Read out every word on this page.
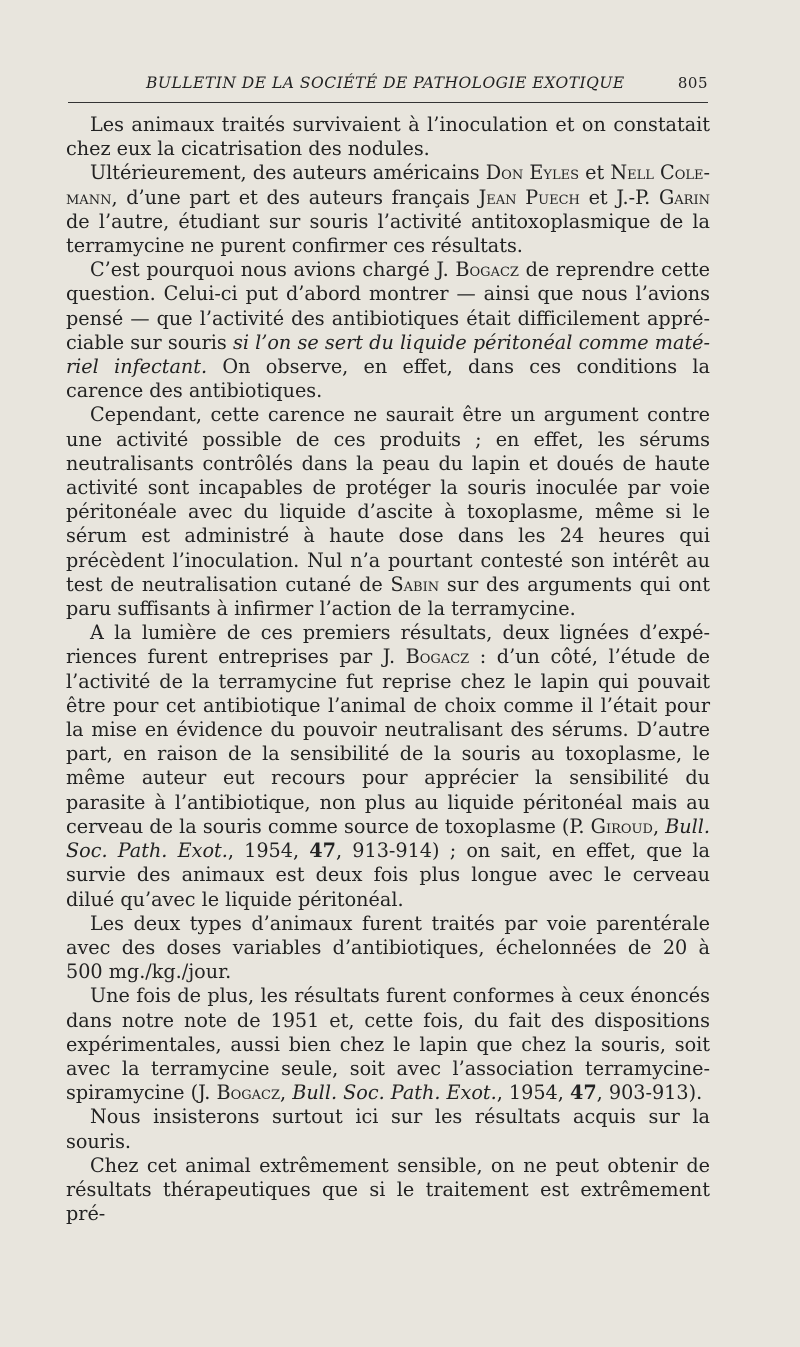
BULLETIN DE LA SOCIÉTÉ DE PATHOLOGIE EXOTIQUE	805

Les animaux traités survivaient à l’inoculation et on constatait chez eux la cicatrisation des nodules.

Ultérieurement, des auteurs américains Don Eyles et Nell Colemann, d’une part et des auteurs français Jean Puech et J.-P. Garin de l’autre, étudiant sur souris l’activité antitoxoplasmique de la terramycine ne purent confirmer ces résultats.

C’est pourquoi nous avions chargé J. Bogacz de reprendre cette question. Celui-ci put d’abord montrer — ainsi que nous l’avions pensé — que l’activité des antibiotiques était difficilement appréciable sur souris si l’on se sert du liquide péritonéal comme matériel infectant. On observe, en effet, dans ces conditions la carence des antibiotiques.

Cependant, cette carence ne saurait être un argument contre une activité possible de ces produits ; en effet, les sérums neutralisants contrôlés dans la peau du lapin et doués de haute activité sont incapables de protéger la souris inoculée par voie péritonéale avec du liquide d’ascite à toxoplasme, même si le sérum est administré à haute dose dans les 24 heures qui précèdent l’inoculation. Nul n’a pourtant contesté son intérêt au test de neutralisation cutané de Sabin sur des arguments qui ont paru suffisants à infirmer l’action de la terramycine.

A la lumière de ces premiers résultats, deux lignées d’expériences furent entreprises par J. Bogacz : d’un côté, l’étude de l’activité de la terramycine fut reprise chez le lapin qui pouvait être pour cet antibiotique l’animal de choix comme il l’était pour la mise en évidence du pouvoir neutralisant des sérums. D’autre part, en raison de la sensibilité de la souris au toxoplasme, le même auteur eut recours pour apprécier la sensibilité du parasite à l’antibiotique, non plus au liquide péritonéal mais au cerveau de la souris comme source de toxoplasme (P. Giroud, Bull. Soc. Path. Exot., 1954, 47, 913-914) ; on sait, en effet, que la survie des animaux est deux fois plus longue avec le cerveau dilué qu’avec le liquide péritonéal.

Les deux types d’animaux furent traités par voie parentérale avec des doses variables d’antibiotiques, échelonnées de 20 à 500 mg./kg./jour.

Une fois de plus, les résultats furent conformes à ceux énoncés dans notre note de 1951 et, cette fois, du fait des dispositions expérimentales, aussi bien chez le lapin que chez la souris, soit avec la terramycine seule, soit avec l’association terramycine-spiramycine (J. Bogacz, Bull. Soc. Path. Exot., 1954, 47, 903-913).

Nous insisterons surtout ici sur les résultats acquis sur la souris.

Chez cet animal extrêmement sensible, on ne peut obtenir de résultats thérapeutiques que si le traitement est extrêmement pré-
